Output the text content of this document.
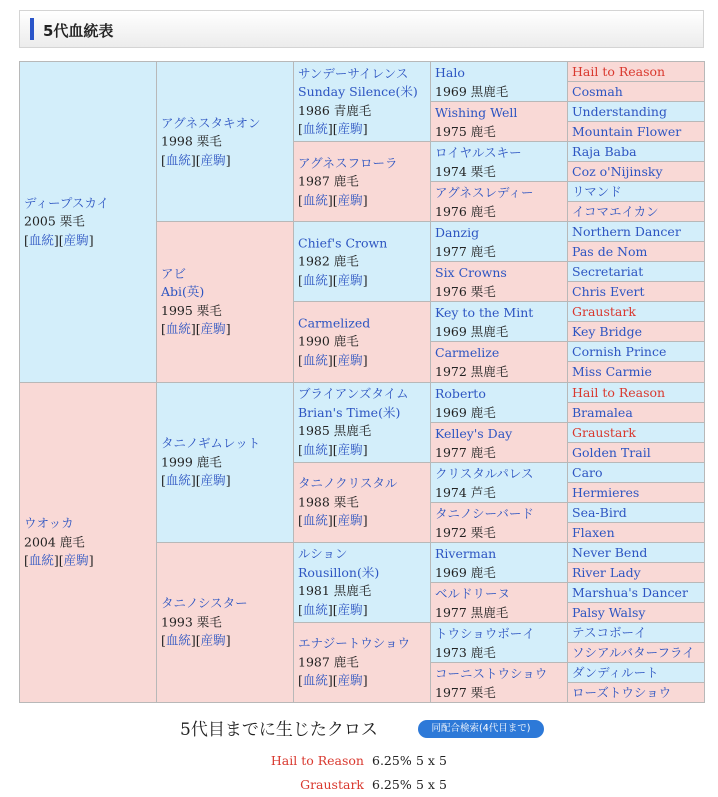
5代血統表
ディープスカイ
2005 栗毛
[血統][産駒]
ウオッカ
2004 鹿毛
[血統][産駒]
アグネスタキオン
1998 栗毛
[血統][産駒]
アビ
Abi(英)
1995 栗毛
[血統][産駒]
タニノギムレット
1999 鹿毛
[血統][産駒]
タニノシスター
1993 栗毛
[血統][産駒]
サンデーサイレンス
Sunday Silence(米)
1986 青鹿毛
[血統][産駒]
アグネスフローラ
1987 鹿毛
[血統][産駒]
Chief's Crown
1982 鹿毛
[血統][産駒]
Carmelized
1990 鹿毛
[血統][産駒]
ブライアンズタイム
Brian's Time(米)
1985 黒鹿毛
[血統][産駒]
タニノクリスタル
1988 栗毛
[血統][産駒]
ルション
Rousillon(米)
1981 黒鹿毛
[血統][産駒]
エナジートウショウ
1987 鹿毛
[血統][産駒]
Halo
1969 黒鹿毛
Wishing Well
1975 鹿毛
ロイヤルスキー
1974 栗毛
アグネスレディー
1976 鹿毛
Danzig
1977 鹿毛
Six Crowns
1976 栗毛
Key to the Mint
1969 黒鹿毛
Carmelize
1972 黒鹿毛
Roberto
1969 鹿毛
Kelley's Day
1977 鹿毛
クリスタルパレス
1974 芦毛
タニノシーバード
1972 栗毛
Riverman
1969 鹿毛
ベルドリーヌ
1977 黒鹿毛
トウショウボーイ
1973 鹿毛
コーニストウショウ
1977 栗毛
Hail to Reason
Cosmah
Understanding
Mountain Flower
Raja Baba
Coz o'Nijinsky
リマンド
イコマエイカン
Northern Dancer
Pas de Nom
Secretariat
Chris Evert
Graustark
Key Bridge
Cornish Prince
Miss Carmie
Hail to Reason
Bramalea
Graustark
Golden Trail
Caro
Hermieres
Sea-Bird
Flaxen
Never Bend
River Lady
Marshua's Dancer
Palsy Walsy
テスコボーイ
ソシアルバターフライ
ダンディルート
ローズトウショウ
5代目までに生じたクロス	同配合検索(4代目まで)
Hail to Reason 6.25% 5 x 5
Graustark 6.25% 5 x 5
